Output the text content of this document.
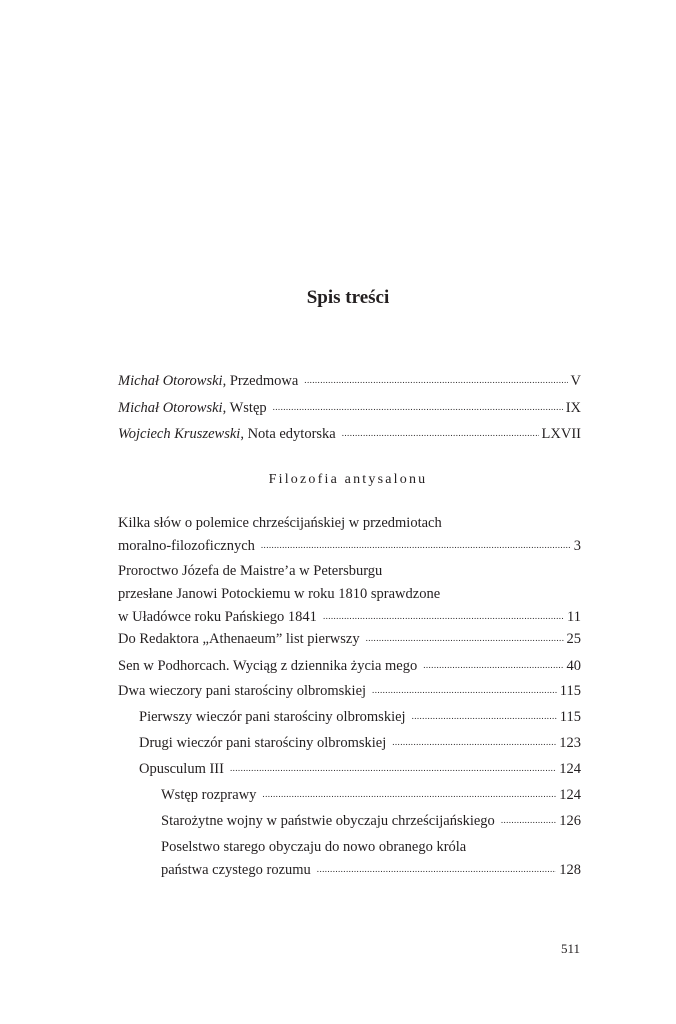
Spis treści
Michał Otorowski, Przedmowa .....	V
Michał Otorowski, Wstęp .....	IX
Wojciech Kruszewski, Nota edytorska .....	LXVII
Kilka słów o polemice chrześcijańskiej w przedmiotach
moralno-filozoficznych .....	3
Proroctwo Józefa de Maistre’a w Petersburgu
przesłane Janowi Potockiemu w roku 1810 sprawdzone
w Uładówce roku Pańskiego 1841 .....	11
Do Redaktora „Athenaeum” list pierwszy .....	25
Sen w Podhorcach. Wyciąg z dziennika życia mego .....	40
Dwa wieczory pani starościny olbromskiej .....	115
Pierwszy wieczór pani starościny olbromskiej .....	115
Drugi wieczór pani starościny olbromskiej .....	123
Opusculum III .....	124
Wstęp rozprawy .....	124
Starożytne wojny w państwie obyczaju chrześcijańskiego .....	126
Poselstwo starego obyczaju do nowo obranego króla
państwa czystego rozumu .....	128
Filozofia antysalonu
511
